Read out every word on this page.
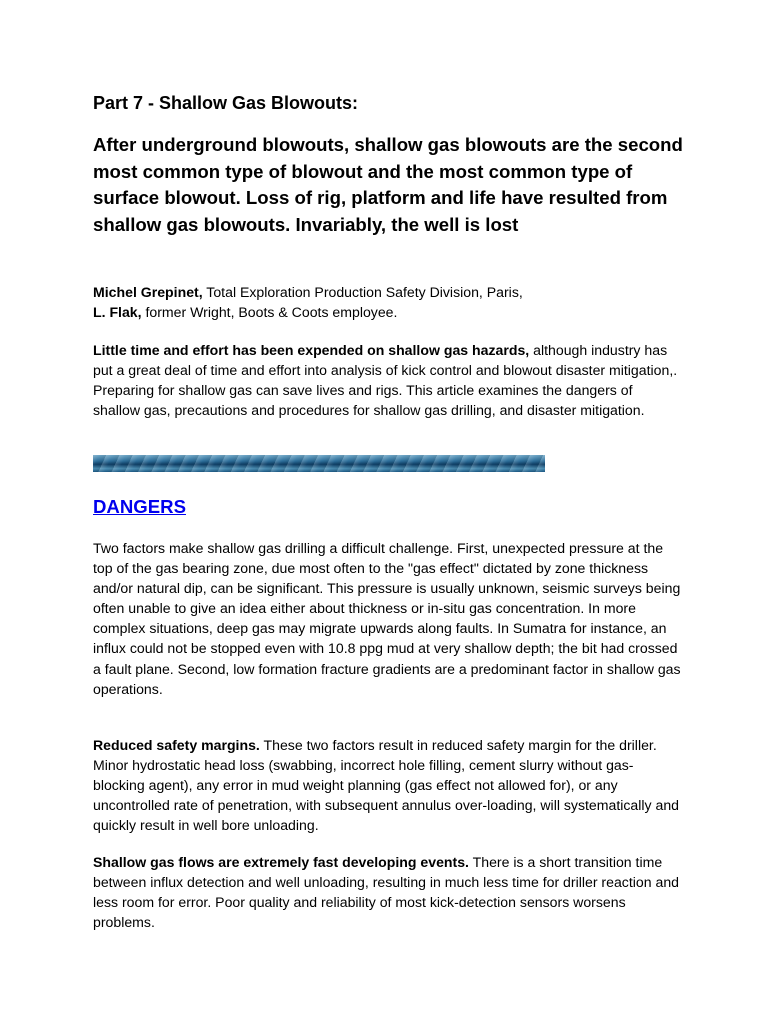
Part 7 - Shallow Gas Blowouts:
After underground blowouts, shallow gas blowouts are the second most common type of blowout and the most common type of surface blowout. Loss of rig, platform and life have resulted from shallow gas blowouts. Invariably, the well is lost
Michel Grepinet, Total Exploration Production Safety Division, Paris,
L. Flak, former Wright, Boots & Coots employee.

Little time and effort has been expended on shallow gas hazards, although industry has put a great deal of time and effort into analysis of kick control and blowout disaster mitigation,. Preparing for shallow gas can save lives and rigs. This article examines the dangers of shallow gas, precautions and procedures for shallow gas drilling, and disaster mitigation.

DANGERS

Two factors make shallow gas drilling a difficult challenge. First, unexpected pressure at the top of the gas bearing zone, due most often to the "gas effect" dictated by zone thickness and/or natural dip, can be significant. This pressure is usually unknown, seismic surveys being often unable to give an idea either about thickness or in-situ gas concentration. In more complex situations, deep gas may migrate upwards along faults. In Sumatra for instance, an influx could not be stopped even with 10.8 ppg mud at very shallow depth; the bit had crossed a fault plane. Second, low formation fracture gradients are a predominant factor in shallow gas operations.

Reduced safety margins. These two factors result in reduced safety margin for the driller. Minor hydrostatic head loss (swabbing, incorrect hole filling, cement slurry without gas-blocking agent), any error in mud weight planning (gas effect not allowed for), or any uncontrolled rate of penetration, with subsequent annulus over-loading, will systematically and quickly result in well bore unloading.

Shallow gas flows are extremely fast developing events. There is a short transition time between influx detection and well unloading, resulting in much less time for driller reaction and less room for error. Poor quality and reliability of most kick-detection sensors worsens problems.
